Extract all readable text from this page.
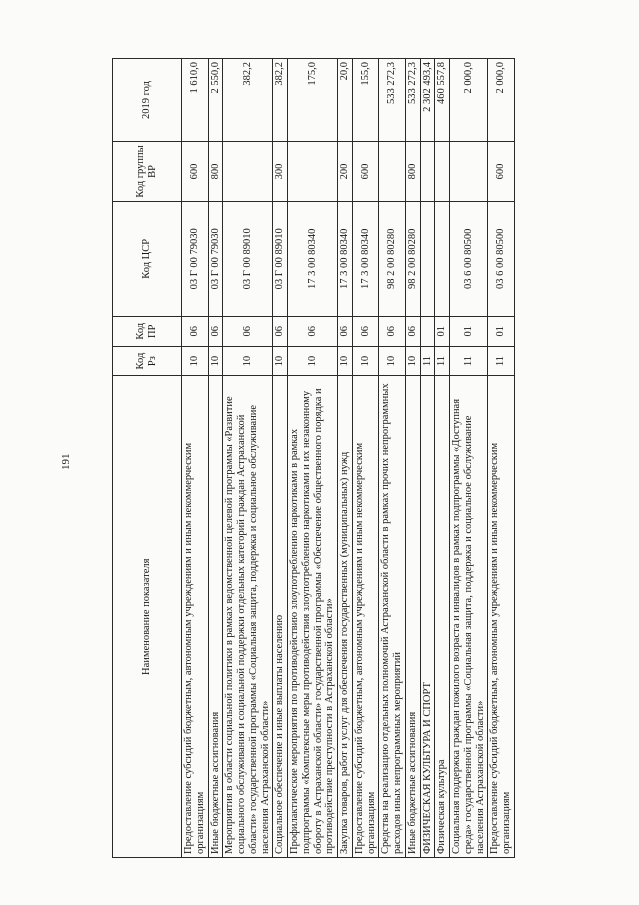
191
Наименование показателя	Код Рз	Код ПР	Код ЦСР	Код группы ВР	2019 год
Предоставление субсидий бюджетным, автономным учреждениям и иным некоммерческим организациям	10	06	03 Г 00 79030	600	1 610,0
Иные бюджетные ассигнования	10	06	03 Г 00 79030	800	2 550,0
Мероприятия в области социальной политики в рамках ведомственной целевой программы «Развитие социального обслуживания и социальной поддержки отдельных категорий граждан Астраханской области» государственной программы «Социальная защита, поддержка и социальное обслуживание населения Астраханской области»	10	06	03 Г 00 89010		382,2
Социальное обеспечение и иные выплаты населению	10	06	03 Г 00 89010	300	382,2
Профилактические мероприятия по противодействию злоупотреблению наркотиками в рамках подпрограммы «Комплексные меры противодействия злоупотреблению наркотиками и их незаконному обороту в Астраханской области» государственной программы «Обеспечение общественного порядка и противодействие преступности в Астраханской области»	10	06	17 3 00 80340		175,0
Закупка товаров, работ и услуг для обеспечения государственных (муниципальных) нужд	10	06	17 3 00 80340	200	20,0
Предоставление субсидий бюджетным, автономным учреждениям и иным некоммерческим организациям	10	06	17 3 00 80340	600	155,0
Средства на реализацию отдельных полномочий Астраханской области в рамках прочих непрограммных расходов иных непрограммных мероприятий	10	06	98 2 00 80280		533 272,3
Иные бюджетные ассигнования	10	06	98 2 00 80280	800	533 272,3
ФИЗИЧЕСКАЯ КУЛЬТУРА И СПОРТ	11				2 302 493,4
Физическая культура	11	01			460 557,8
Социальная поддержка граждан пожилого возраста и инвалидов в рамках подпрограммы «Доступная среда» государственной программы «Социальная защита, поддержка и социальное обслуживание населения Астраханской области»	11	01	03 6 00 80500		2 000,0
Предоставление субсидий бюджетным, автономным учреждениям и иным некоммерческим организациям	11	01	03 6 00 80500	600	2 000,0
